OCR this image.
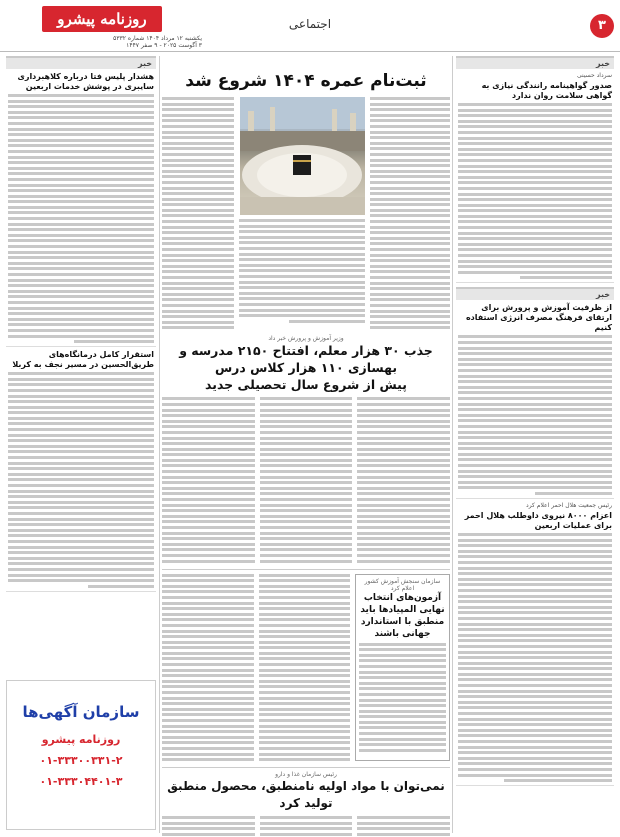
۳
اجتماعی
روزنامه پیشرو
یکشنبه ۱۲ مرداد ۱۴۰۴ شماره ۵۳۳۲
۳ آگوست ۲۰۲۵ - ۹ صفر ۱۴۴۷
خبر
سرداد حسینی
صدور گواهینامه رانندگی نیازی به گواهی سلامت روان ندارد
خبر
از ظرفیت آموزش و پرورش برای ارتقای فرهنگ مصرف انرژی استفاده کنیم
رئیس جمعیت هلال احمر اعلام کرد
اعزام ۸۰۰۰ نیروی داوطلب هلال احمر برای عملیات اربعین
ثبت‌نام عمره ۱۴۰۴ شروع شد
وزیر آموزش و پرورش خبر داد
جذب ۳۰ هزار معلم، افتتاح ۲۱۵۰ مدرسه و بهسازی ۱۱۰ هزار کلاس درس
پیش از شروع سال تحصیلی جدید
سازمان سنجش آموزش کشور اعلام کرد
آزمون‌های انتخاب نهایی المپیادها باید منطبق با استاندارد جهانی باشند
رئیس سازمان غذا و دارو
نمی‌توان با مواد اولیه نامنطبق، محصول منطبق تولید کرد
خبر
هشدار پلیس فتا درباره کلاهبرداری سایبری در پوشش خدمات اربعین
استقرار کامل درمانگاه‌های طریق‌الحسین در مسیر نجف به کربلا
سازمان آگهی‌ها
روزنامه پیشرو
۰۱-۳۳۳۰۰۳۳۱-۲
۰۱-۳۳۳۰۴۴۰۱-۳
